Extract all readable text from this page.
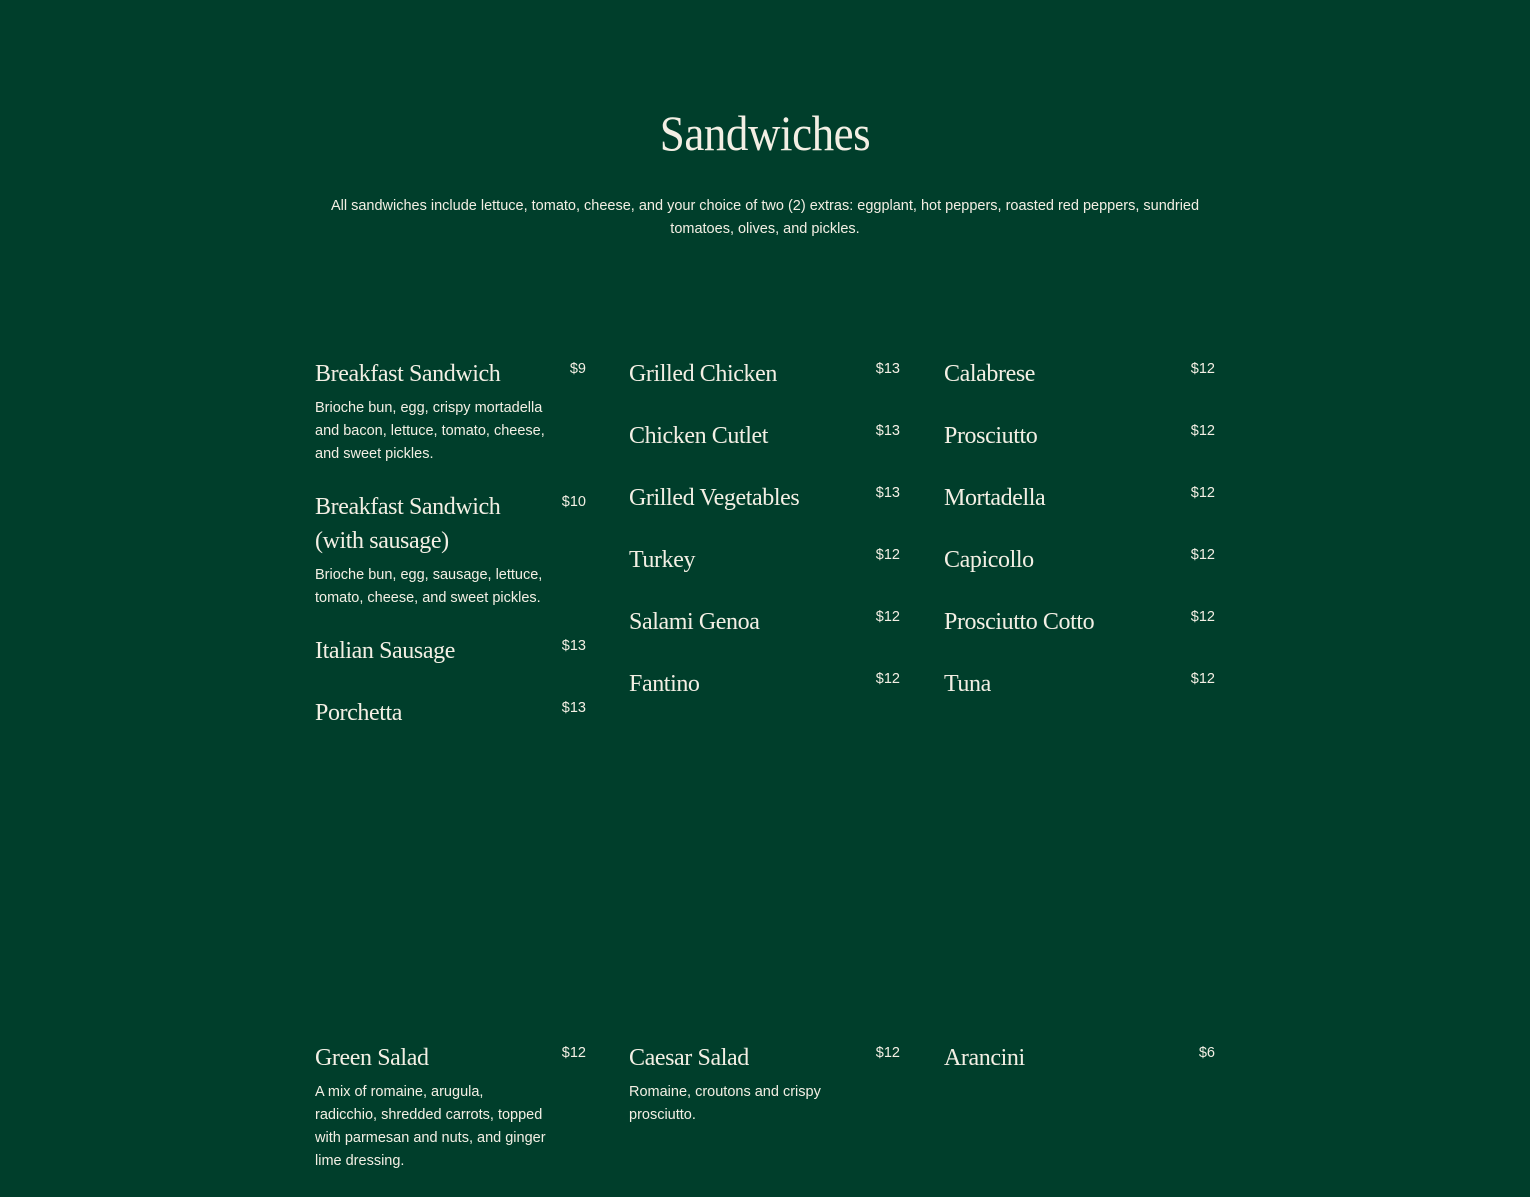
Sandwiches

All sandwiches include lettuce, tomato, cheese, and your choice of two (2) extras: eggplant, hot peppers, roasted red peppers, sundried tomatoes, olives, and pickles.

Breakfast Sandwich	$9
Brioche bun, egg, crispy mortadella and bacon, lettuce, tomato, cheese, and sweet pickles.
Breakfast Sandwich (with sausage)
$10
Brioche bun, egg, sausage, lettuce, tomato, cheese, and sweet pickles.
Italian Sausage	$13
Porchetta	$13
Grilled Chicken	$13
Chicken Cutlet	$13
Grilled Vegetables	$13
Turkey	$12
Salami Genoa	$12
Fantino	$12
Calabrese	$12
Prosciutto	$12
Mortadella	$12
Capicollo	$12
Prosciutto Cotto	$12
Tuna	$12
Green Salad	$12
A mix of romaine, arugula, radicchio, shredded carrots, topped with parmesan and nuts, and ginger lime dressing.
Caesar Salad	$12
Romaine, croutons and crispy prosciutto.
Arancini	$6
